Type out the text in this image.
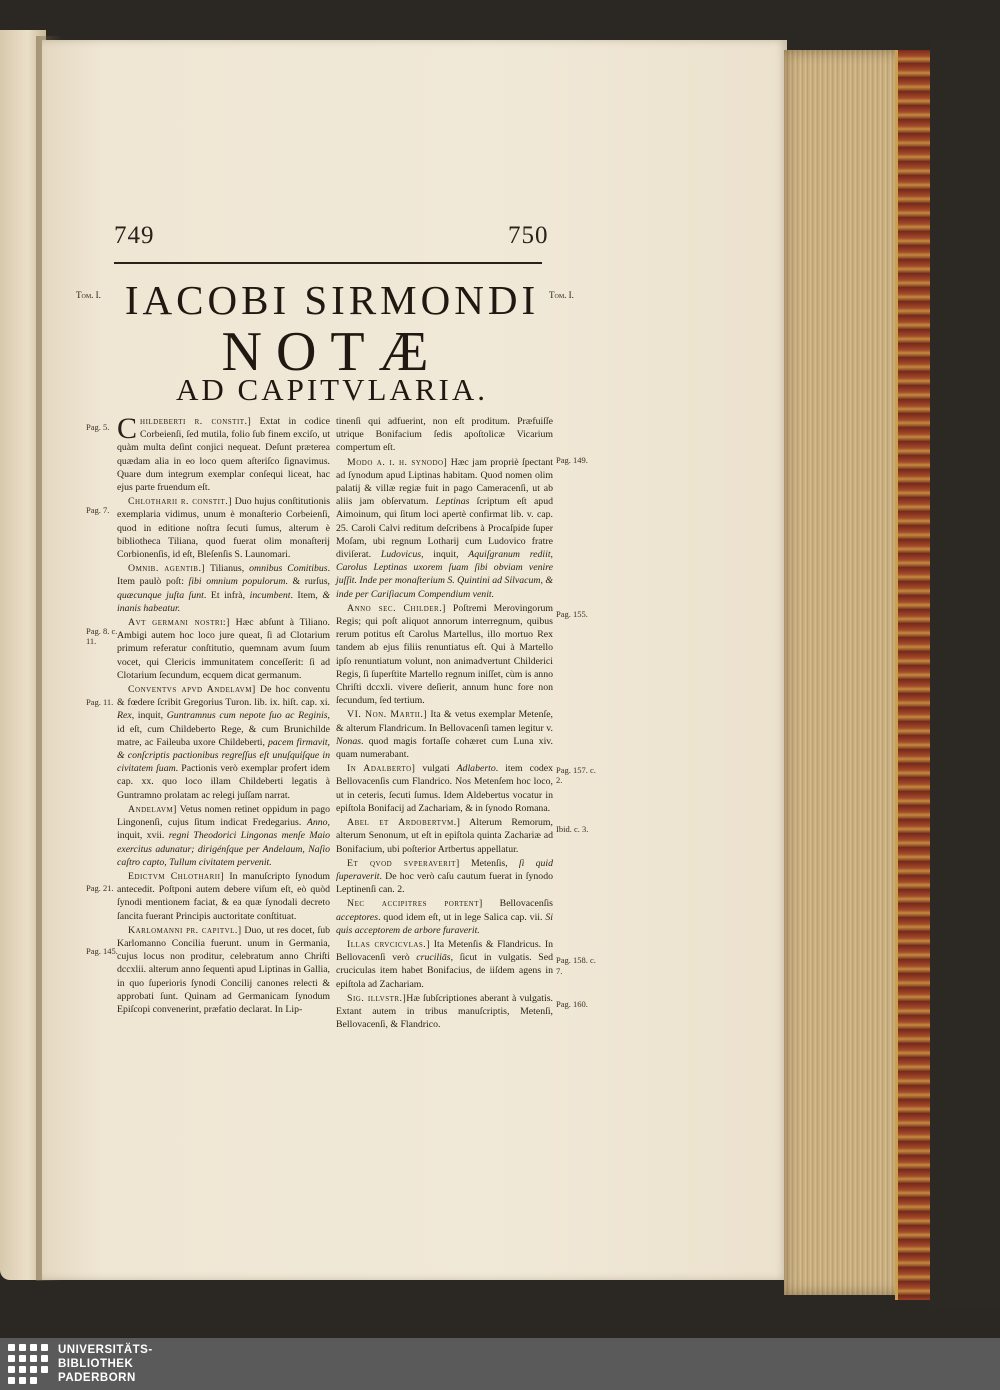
749	750
Tom. I.	Tom. I.
IACOBI SIRMONDI
NOTÆ
AD CAPITVLARIA.
Pag. 5.
Pag. 7.
Pag. 8. c.
11.
Pag. 11.
Pag. 21.
Pag. 145.
Pag. 149.
Pag. 155.
Pag. 157. c.
2.
Ibid. c. 3.
Pag. 158. c.
7.
Pag. 160.

Childeberti r. constit.] Extat in codice Corbeienſi, ſed mutila, folio ſub finem exciſo, ut quàm multa deſint conjici nequeat. Deſunt præterea quædam alia in eo loco quem aſteriſco ſignavimus. Quare dum integrum exemplar conſequi liceat, hac ejus parte fruendum eſt.

Chlotharii r. constit.] Duo hujus conſtitutionis exemplaria vidimus, unum è monaſterio Corbeienſi, quod in editione noſtra ſecuti ſumus, alterum è bibliotheca Tiliana, quod fuerat olim monaſterij Corbionenſis, id eſt, Bleſenſis S. Launomari.

Omnib. agentib.] Tilianus, omnibus Comitibus. Item paulò poſt: ſibi omnium populorum. & rurſus, quæcunque juſta ſunt. Et infrà, incumbent. Item, & inanis habeatur.

Avt germani nostri:] Hæc abſunt à Tiliano. Ambigi autem hoc loco jure queat, ſi ad Clotarium primum referatur conſtitutio, quemnam avum ſuum vocet, qui Clericis immunitatem conceſſerit: ſi ad Clotarium ſecundum, ecquem dicat germanum.

Conventvs apvd Andelavm] De hoc conventu & fœdere ſcribit Gregorius Turon. lib. ix. hiſt. cap. xi. Rex, inquit, Guntramnus cum nepote ſuo ac Reginis, id eſt, cum Childeberto Rege, & cum Brunichilde matre, ac Faileuba uxore Childeberti, pacem firmavit, & conſcriptis pactionibus regreſſus eſt unuſquiſque in civitatem ſuam. Pactionis verò exemplar profert idem cap. xx. quo loco illam Childeberti legatis à Guntramno prolatam ac relegi juſſam narrat.

Andelavm] Vetus nomen retinet oppidum in pago Lingonenſi, cujus ſitum indicat Fredegarius. Anno, inquit, xvii. regni Theodorici Lingonas menſe Maio exercitus adunatur; dirigénſque per Andelaum, Naſio caſtro capto, Tullum civitatem pervenit.

Edictvm Chlotharii] In manuſcripto ſynodum antecedit. Poſtponi autem debere viſum eſt, eò quòd ſynodi mentionem faciat, & ea quæ ſynodali decreto ſancita fuerant Principis auctoritate conſtituat.

Karlomanni pr. capitvl.] Duo, ut res docet, ſub Karlomanno Concilia fuerunt. unum in Germania, cujus locus non proditur, celebratum anno Chriſti dccxlii. alterum anno ſequenti apud Liptinas in Gallia, in quo ſuperioris ſynodi Concilij canones relecti & approbati ſunt. Quinam ad Germanicam ſynodum Epiſcopi convenerint, præfatio declarat. In Lip-

tinenſi qui adfuerint, non eſt proditum. Præfuiſſe utrique Bonifacium ſedis apoſtolicæ Vicarium compertum eſt.

Modo a. i. h. synodo] Hæc jam propriè ſpectant ad ſynodum apud Liptinas habitam. Quod nomen olim palatij & villæ regiæ fuit in pago Cameracenſi, ut ab aliis jam obſervatum. Leptinas ſcriptum eſt apud Aimoinum, qui ſitum loci apertè confirmat lib. v. cap. 25. Caroli Calvi reditum deſcribens à Procaſpide ſuper Moſam, ubi regnum Lotharij cum Ludovico fratre diviſerat. Ludovicus, inquit, Aquiſgranum rediit, Carolus Leptinas uxorem ſuam ſibi obviam venire juſſit. Inde per monaſterium S. Quintini ad Silvacum, & inde per Cariſiacum Compendium venit.

Anno sec. Childer.] Poſtremi Merovingorum Regis; qui poſt aliquot annorum interregnum, quibus rerum potitus eſt Carolus Martellus, illo mortuo Rex tandem ab ejus filiis renuntiatus eſt. Qui à Martello ipſo renuntiatum volunt, non animadvertunt Childerici Regis, ſi ſuperſtite Martello regnum iniſſet, cùm is anno Chriſti dccxli. vivere deſierit, annum hunc fore non ſecundum, ſed tertium.

VI. Non. Martii.] Ita & vetus exemplar Metenſe, & alterum Flandricum. In Bellovacenſi tamen legitur v. Nonas. quod magis fortaſſe cohæret cum Luna xiv. quam numerabant.

In Adalberto] vulgati Adlaberto. item codex Bellovacenſis cum Flandrico. Nos Metenſem hoc loco, ut in ceteris, ſecuti ſumus. Idem Aldebertus vocatur in epiſtola Bonifacij ad Zachariam, & in ſynodo Romana.

Abel et Ardobertvm.] Alterum Remorum, alterum Senonum, ut eſt in epiſtola quinta Zachariæ ad Bonifacium, ubi poſterior Artbertus appellatur.

Et qvod svperaverit] Metenſis, ſi quid ſuperaverit. De hoc verò caſu cautum fuerat in ſynodo Leptinenſi can. 2.

Nec accipitres portent] Bellovacenſis acceptores. quod idem eſt, ut in lege Salica cap. vii. Si quis acceptorem de arbore furaverit.

Illas crvcicvlas.] Ita Metenſis & Flandricus. In Bellovacenſi verò cruciliās, ſicut in vulgatis. Sed cruciculas item habet Bonifacius, de iiſdem agens in epiſtola ad Zachariam.

Sig. illvstr.]Hæ ſubſcriptiones aberant à vulgatis. Extant autem in tribus manuſcriptis, Metenſi, Bellovacenſi, & Flandrico.

UNIVERSITÄTS-
BIBLIOTHEK
PADERBORN
